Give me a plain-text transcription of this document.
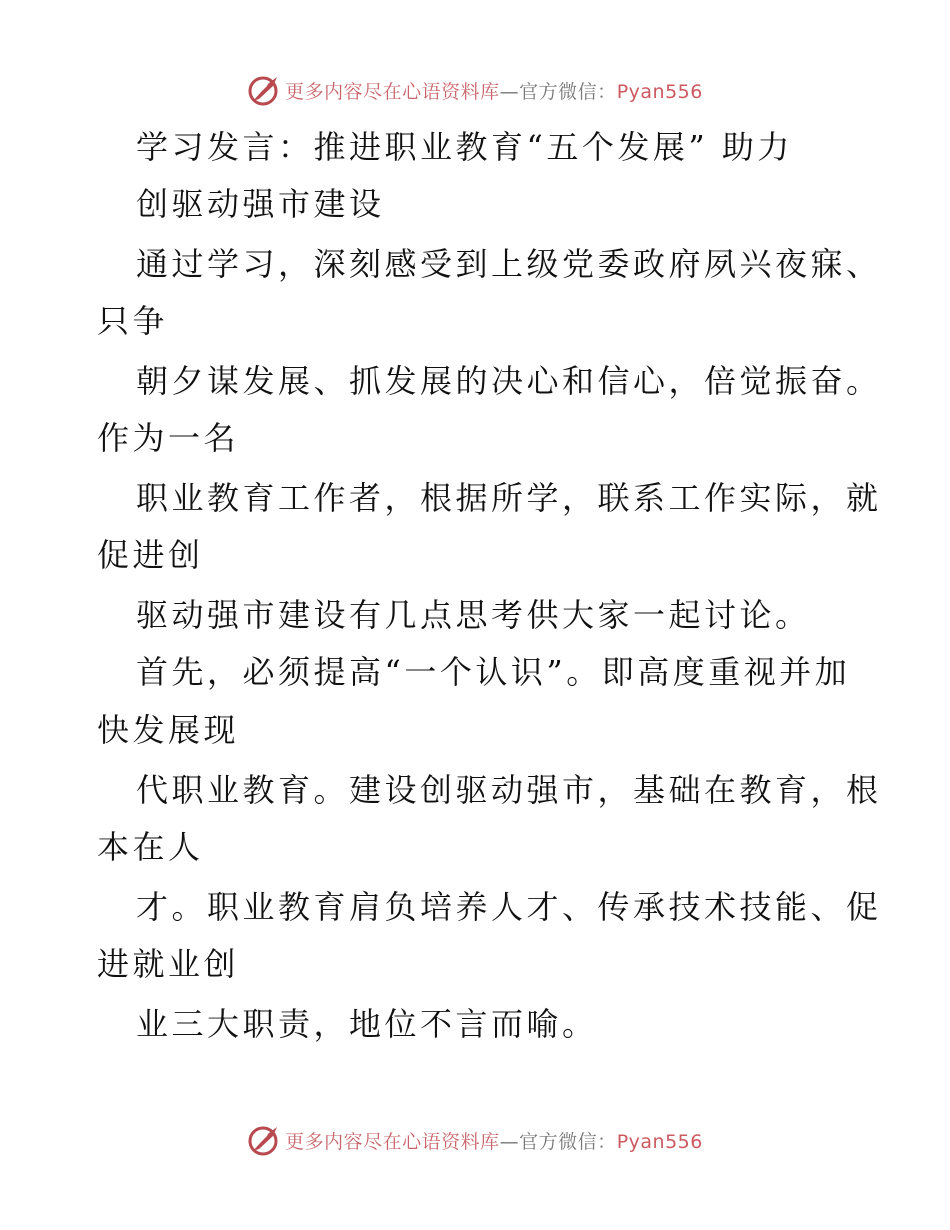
更多内容尽在心语资料库—官方微信：Pyan556
学习发言：推进职业教育“五个发展” 助力
创驱动强市建设
通过学习，深刻感受到上级党委政府夙兴夜寐、
只争
朝夕谋发展、抓发展的决心和信心，倍觉振奋。
作为一名
职业教育工作者，根据所学，联系工作实际，就
促进创
驱动强市建设有几点思考供大家一起讨论。
首先，必须提高“一个认识”。即高度重视并加
快发展现
代职业教育。建设创驱动强市，基础在教育，根
本在人
才。职业教育肩负培养人才、传承技术技能、促
进就业创
业三大职责，地位不言而喻。
更多内容尽在心语资料库—官方微信：Pyan556
